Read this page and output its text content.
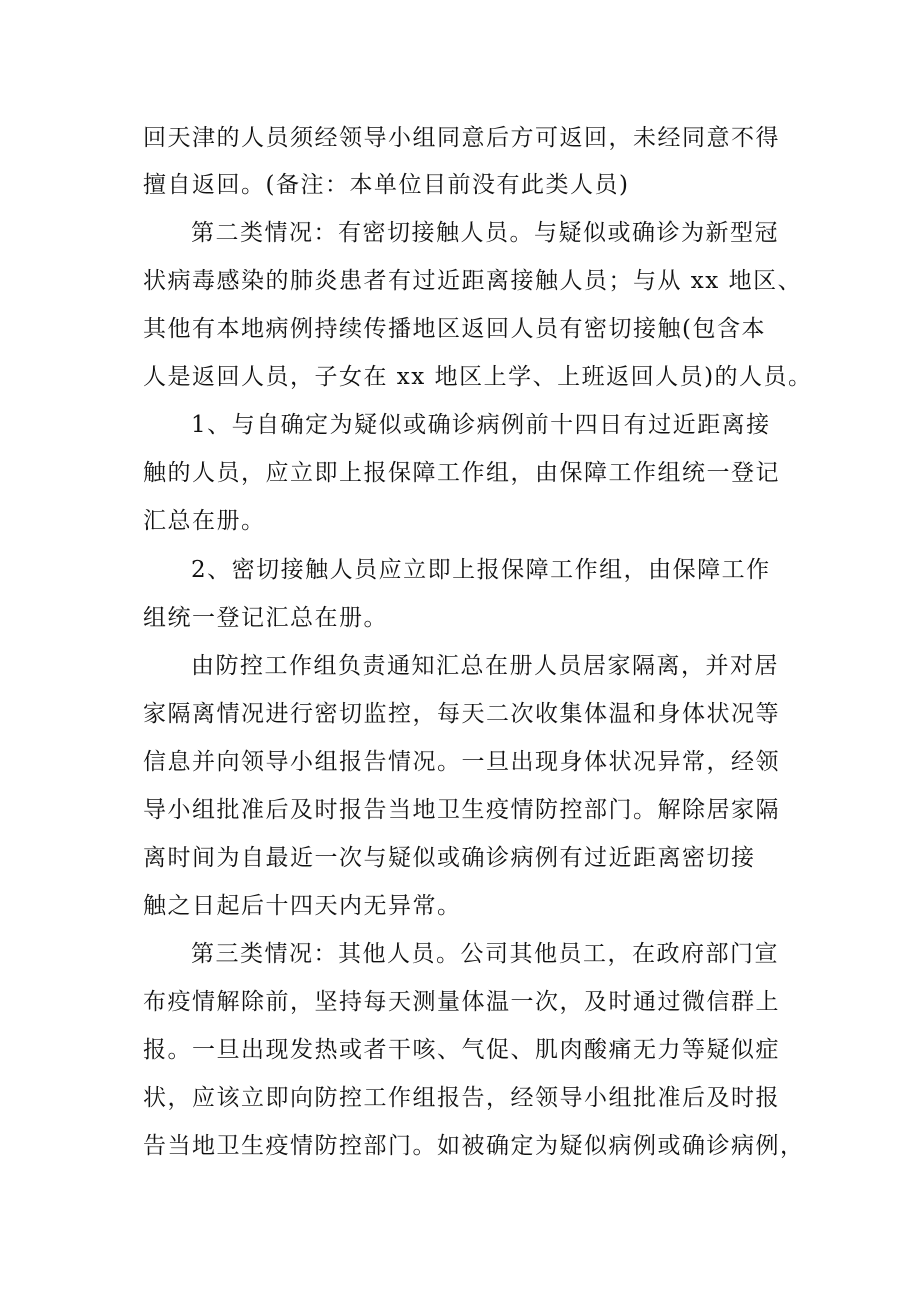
回天津的人员须经领导小组同意后方可返回，未经同意不得
擅自返回。(备注：本单位目前没有此类人员)
第二类情况：有密切接触人员。与疑似或确诊为新型冠
状病毒感染的肺炎患者有过近距离接触人员；与从 xx 地区、
其他有本地病例持续传播地区返回人员有密切接触(包含本
人是返回人员，子女在 xx 地区上学、上班返回人员)的人员。
1、与自确定为疑似或确诊病例前十四日有过近距离接
触的人员，应立即上报保障工作组，由保障工作组统一登记
汇总在册。
2、密切接触人员应立即上报保障工作组，由保障工作
组统一登记汇总在册。
由防控工作组负责通知汇总在册人员居家隔离，并对居
家隔离情况进行密切监控，每天二次收集体温和身体状况等
信息并向领导小组报告情况。一旦出现身体状况异常，经领
导小组批准后及时报告当地卫生疫情防控部门。解除居家隔
离时间为自最近一次与疑似或确诊病例有过近距离密切接
触之日起后十四天内无异常。
第三类情况：其他人员。公司其他员工，在政府部门宣
布疫情解除前，坚持每天测量体温一次，及时通过微信群上
报。一旦出现发热或者干咳、气促、肌肉酸痛无力等疑似症
状，应该立即向防控工作组报告，经领导小组批准后及时报
告当地卫生疫情防控部门。如被确定为疑似病例或确诊病例，
